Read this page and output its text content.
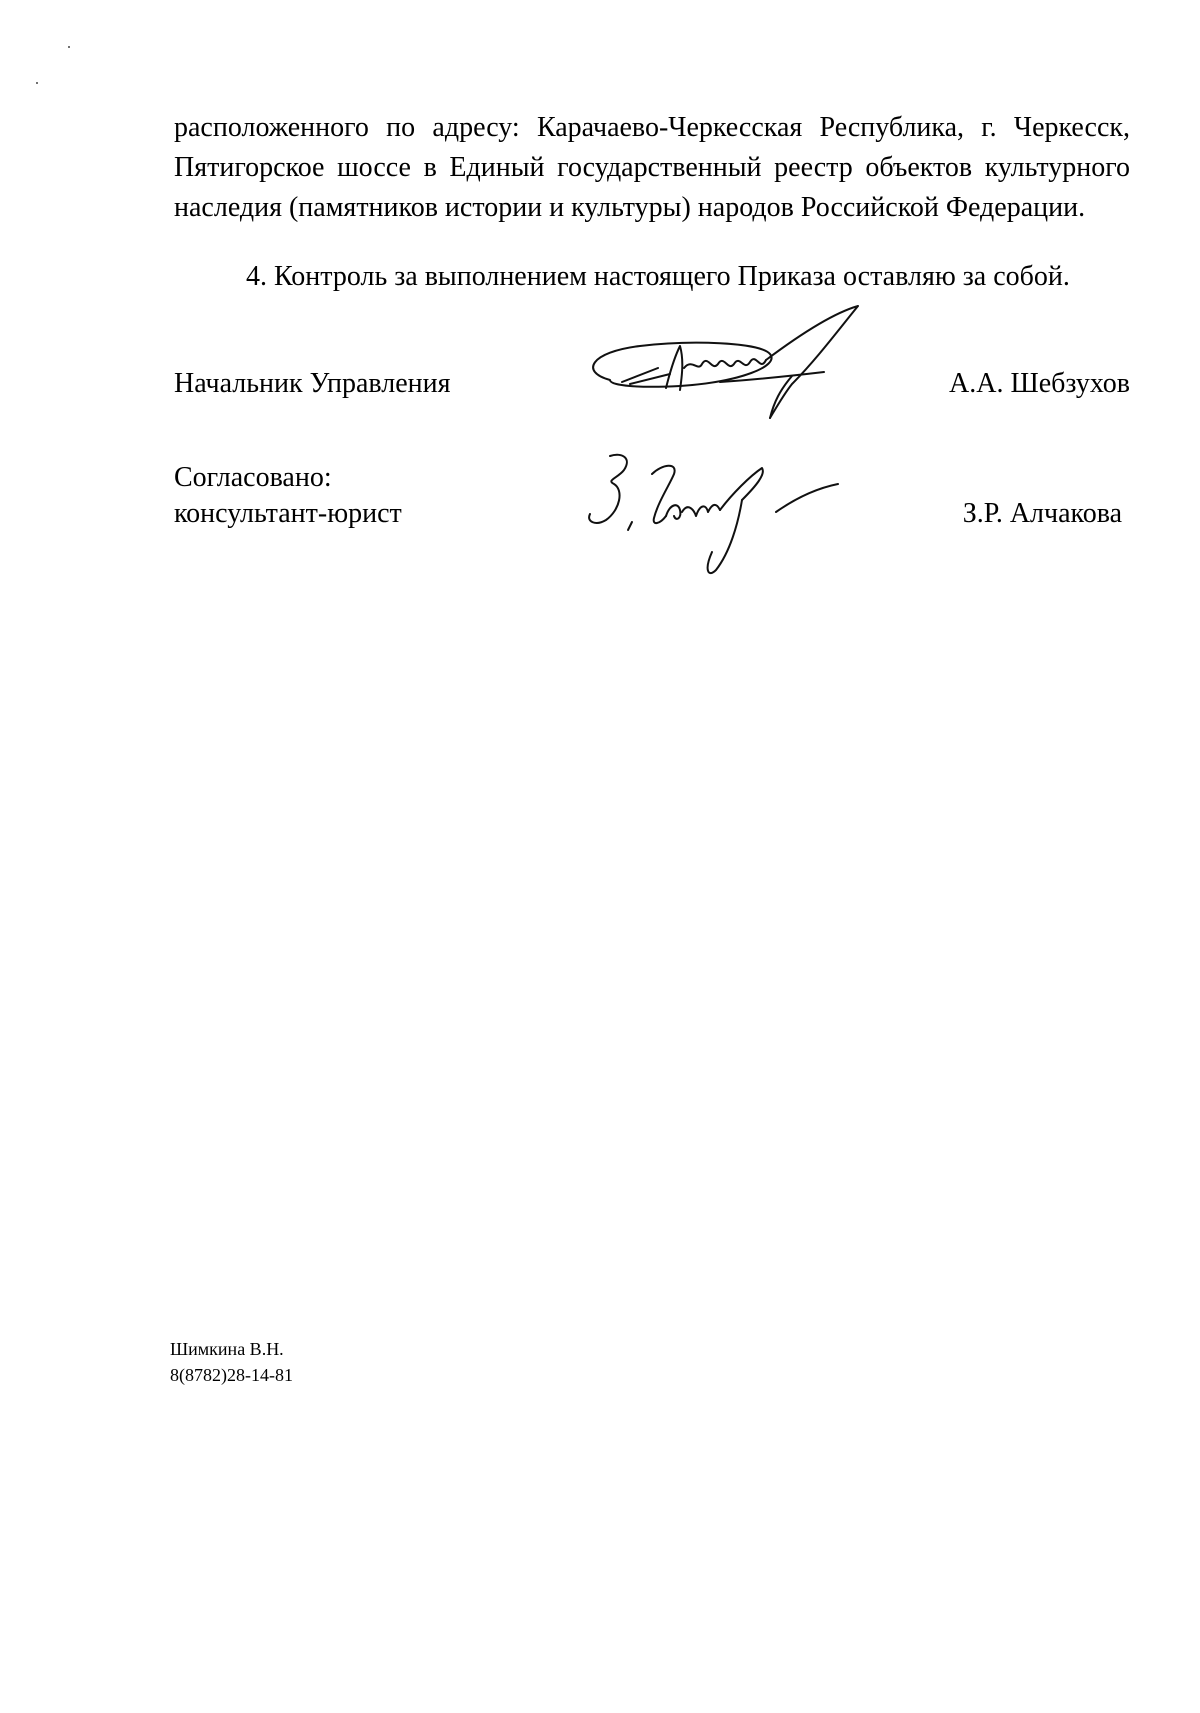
расположенного по адресу: Карачаево-Черкесская Республика, г. Черкесск,
Пятигорское шоссе в Единый государственный реестр объектов культурного
наследия (памятников истории и культуры) народов Российской Федерации.
4. Контроль за выполнением настоящего Приказа оставляю за собой.
Начальник Управления	А.А. Шебзухов
Согласовано:
консультант-юрист	З.Р. Алчакова
Шимкина В.Н.
8(8782)28-14-81
